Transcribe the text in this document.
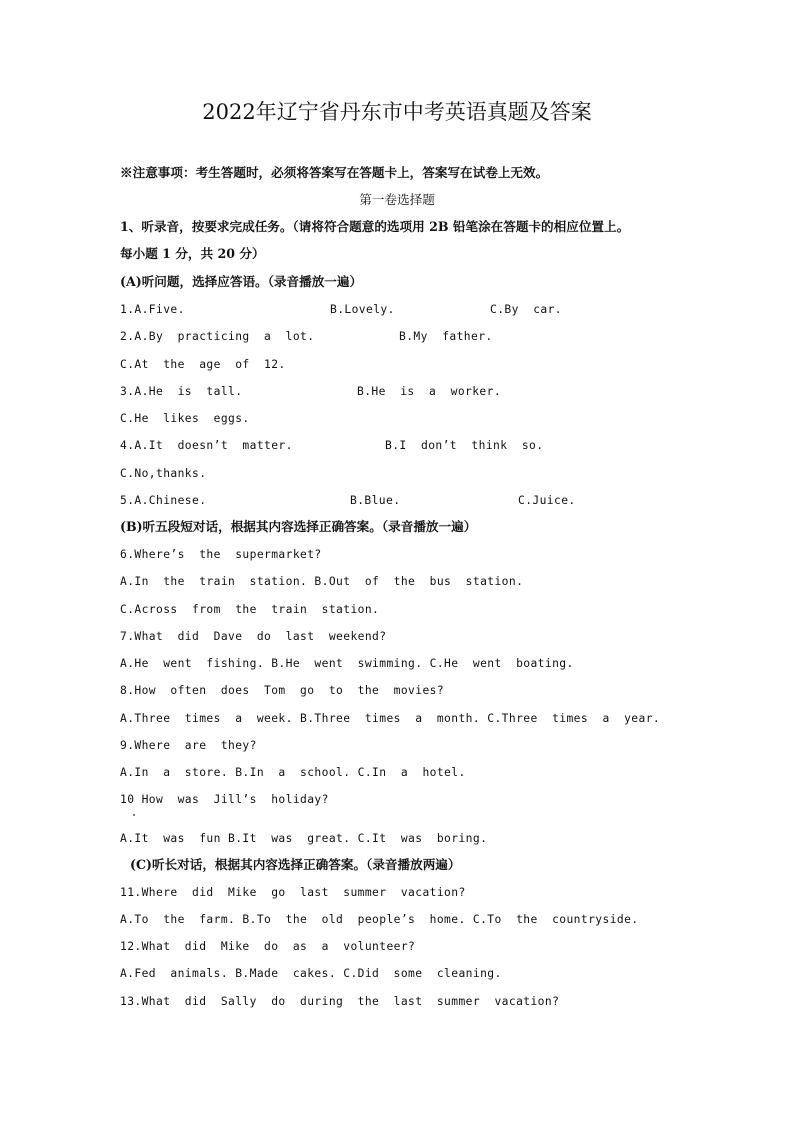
2022年辽宁省丹东市中考英语真题及答案
※注意事项：考生答题时，必须将答案写在答题卡上，答案写在试卷上无效。
第一卷选择题
1、听录音，按要求完成任务。（请将符合题意的选项用 2B 铅笔涂在答题卡的相应位置上。
每小题 1 分，共 20 分）
(A)听问题，选择应答语。（录音播放一遍）
1.A.Five.	B.Lovely.	C.By  car.
2.A.By  practicing  a  lot.	B.My  father.
C.At  the  age  of  12.
3.A.He  is  tall.	B.He  is  a  worker.
C.He  likes  eggs.
4.A.It  doesn’t  matter.	B.I  don’t  think  so.
C.No,thanks.
5.A.Chinese.	B.Blue.	C.Juice.
(B)听五段短对话，根据其内容选择正确答案。（录音播放一遍）
6.Where’s  the  supermarket?
A.In  the  train  station. B.Out  of  the  bus  station.
C.Across  from  the  train  station.
7.What  did  Dave  do  last  weekend?
A.He  went  fishing. B.He  went  swimming. C.He  went  boating.
8.How  often  does  Tom  go  to  the  movies?
A.Three  times  a  week. B.Three  times  a  month. C.Three  times  a  year.
9.Where  are  they?
A.In  a  store. B.In  a  school. C.In  a  hotel.
10 How  was  Jill’s  holiday?
A.It  was  fun B.It  was  great. C.It  was  boring.
(C)听长对话，根据其内容选择正确答案。（录音播放两遍）
11.Where  did  Mike  go  last  summer  vacation?
A.To  the  farm. B.To  the  old  people’s  home. C.To  the  countryside.
12.What  did  Mike  do  as  a  volunteer?
A.Fed  animals. B.Made  cakes. C.Did  some  cleaning.
13.What  did  Sally  do  during  the  last  summer  vacation?
